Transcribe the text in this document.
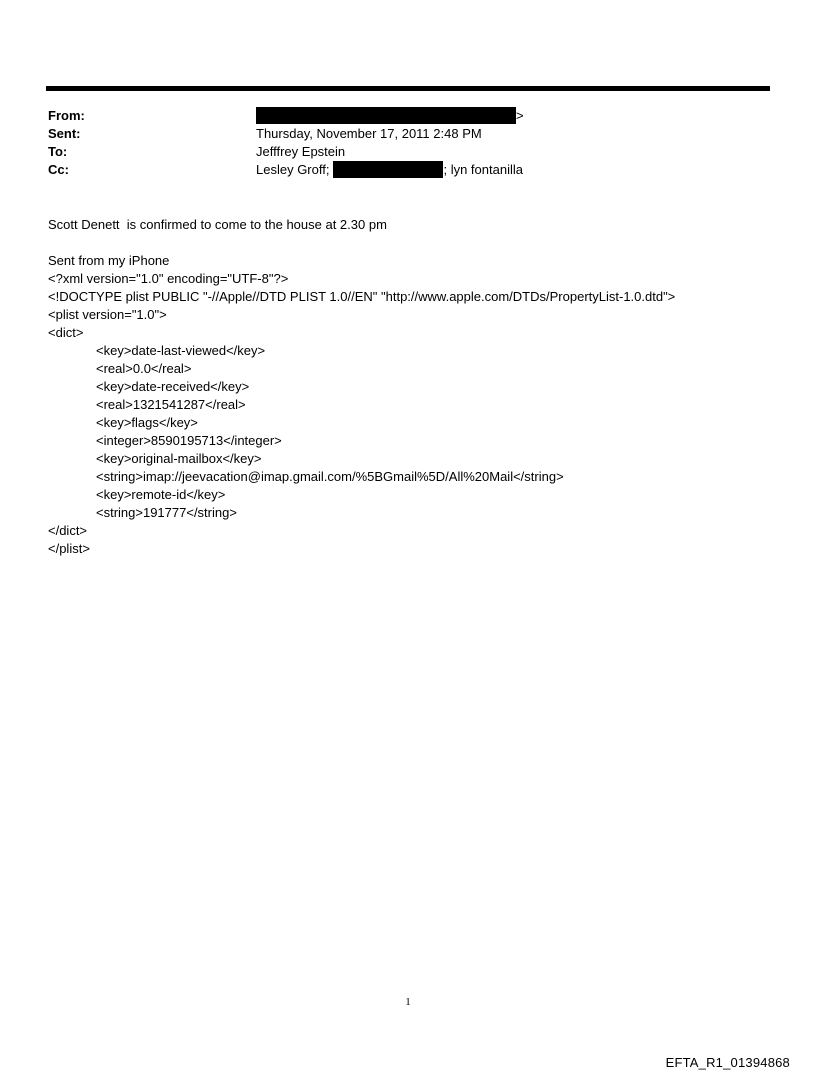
From:	>
Sent:	Thursday, November 17, 2011 2:48 PM
To:	Jefffrey Epstein
Cc:	Lesley Groff;	; lyn fontanilla

Scott Denett  is confirmed to come to the house at 2.30 pm

Sent from my iPhone

<?xml version="1.0" encoding="UTF-8"?>

<!DOCTYPE plist PUBLIC "-//Apple//DTD PLIST 1.0//EN" "http://www.apple.com/DTDs/PropertyList-1.0.dtd">

<plist version="1.0">

<dict>

<key>date-last-viewed</key>

<real>0.0</real>

<key>date-received</key>

<real>1321541287</real>

<key>flags</key>

<integer>8590195713</integer>

<key>original-mailbox</key>

<string>imap://jeevacation@imap.gmail.com/%5BGmail%5D/All%20Mail</string>

<key>remote-id</key>

<string>191777</string>

</dict>

</plist>

1
EFTA_R1_01394868
